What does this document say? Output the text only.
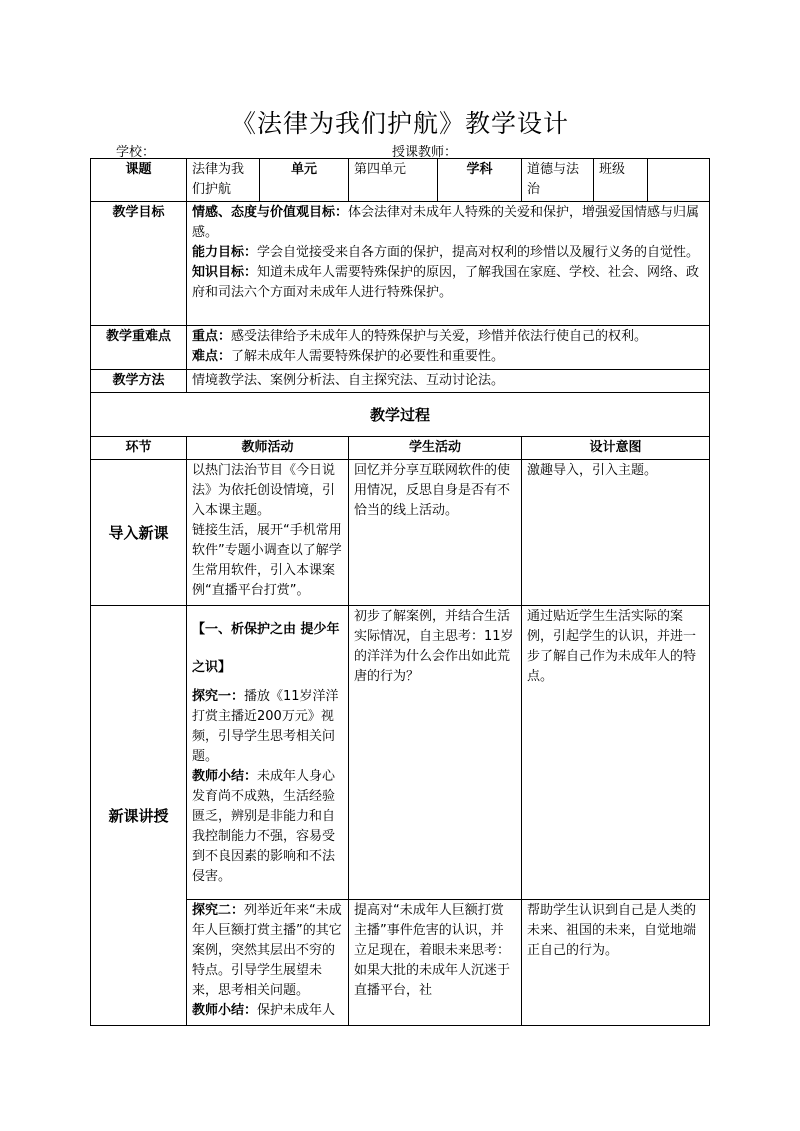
《法律为我们护航》教学设计
学校：	授课教师：
课题	法律为我们护航	单元	第四单元	学科	道德与法治	班级	
教学目标	情感、态度与价值观目标：体会法律对未成年人特殊的关爱和保护，增强爱国情感与归属感。

能力目标：学会自觉接受来自各方面的保护，提高对权利的珍惜以及履行义务的自觉性。

知识目标：知道未成年人需要特殊保护的原因，了解我国在家庭、学校、社会、网络、政府和司法六个方面对未成年人进行特殊保护。						

教学重难点	重点：感受法律给予未成年人的特殊保护与关爱，珍惜并依法行使自己的权利。

难点：了解未成年人需要特殊保护的必要性和重要性。						

教学方法	情境教学法、案例分析法、自主探究法、互动讨论法。						
教学过程							
环节	教师活动		学生活动		设计意图		
导入新课	以热门法治节目《今日说法》为依托创设情境，引入本课主题。

链接生活，展开“手机常用软件”专题小调查以了解学生常用软件，引入本课案例“直播平台打赏”。		回忆并分享互联网软件的使用情况，反思自身是否有不恰当的线上活动。		激趣导入，引入主题。		
新课讲授	【一、析保护之由 提少年之识】

探究一：播放《11岁洋洋打赏主播近200万元》视频，引导学生思考相关问题。

教师小结：未成年人身心发育尚不成熟，生活经验匮乏，辨别是非能力和自我控制能力不强，容易受到不良因素的影响和不法侵害。		初步了解案例，并结合生活实际情况，自主思考：11岁的洋洋为什么会作出如此荒唐的行为？		通过贴近学生生活实际的案例，引起学生的认识，并进一步了解自己作为未成年人的特点。		

	探究二：列举近年来“未成年人巨额打赏主播”的其它案例，突然其层出不穷的特点。引导学生展望未来，思考相关问题。

教师小结：保护未成年人		提高对“未成年人巨额打赏主播”事件危害的认识，并立足现在，着眼未来思考：如果大批的未成年人沉迷于直播平台，社		帮助学生认识到自己是人类的未来、祖国的未来，自觉地端正自己的行为。		
